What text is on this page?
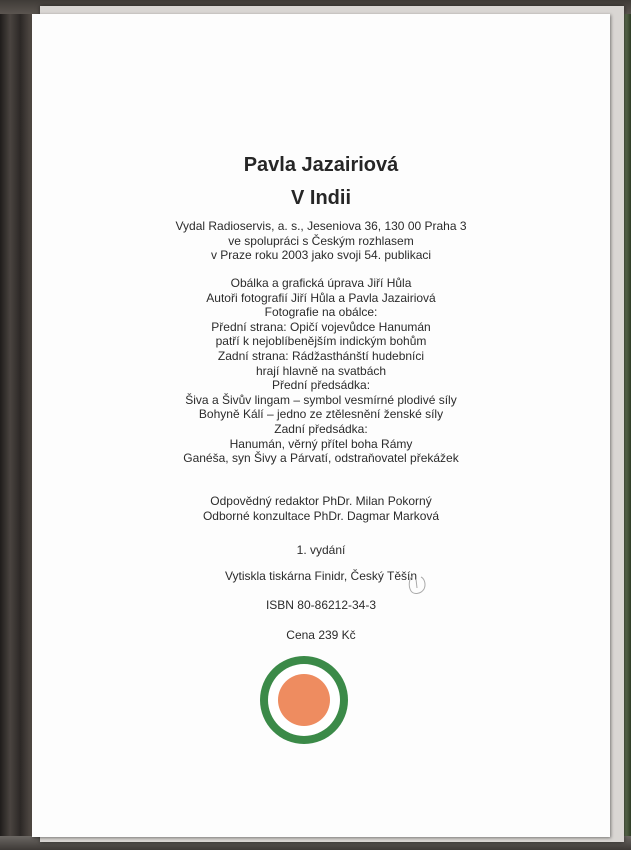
Pavla Jazairiová
V Indii
Vydal Radioservis, a. s., Jeseniova 36, 130 00 Praha 3
ve spolupráci s Českým rozhlasem
v Praze roku 2003 jako svoji 54. publikaci
Obálka a grafická úprava Jiří Hůla
Autoři fotografií Jiří Hůla a Pavla Jazairiová
Fotografie na obálce:
Přední strana: Opičí vojevůdce Hanumán
patří k nejoblíbenějším indickým bohům
Zadní strana: Rádžasthánští hudebníci
hrají hlavně na svatbách
Přední předsádka:
Šiva a Šivův lingam – symbol vesmírné plodivé síly
Bohyně Kálí – jedno ze ztělesnění ženské síly
Zadní předsádka:
Hanumán, věrný přítel boha Rámy
Ganéša, syn Šivy a Párvatí, odstraňovatel překážek
Odpovědný redaktor PhDr. Milan Pokorný
Odborné konzultace PhDr. Dagmar Marková
1. vydání
Vytiskla tiskárna Finidr, Český Těšín
ISBN 80-86212-34-3
Cena 239 Kč
